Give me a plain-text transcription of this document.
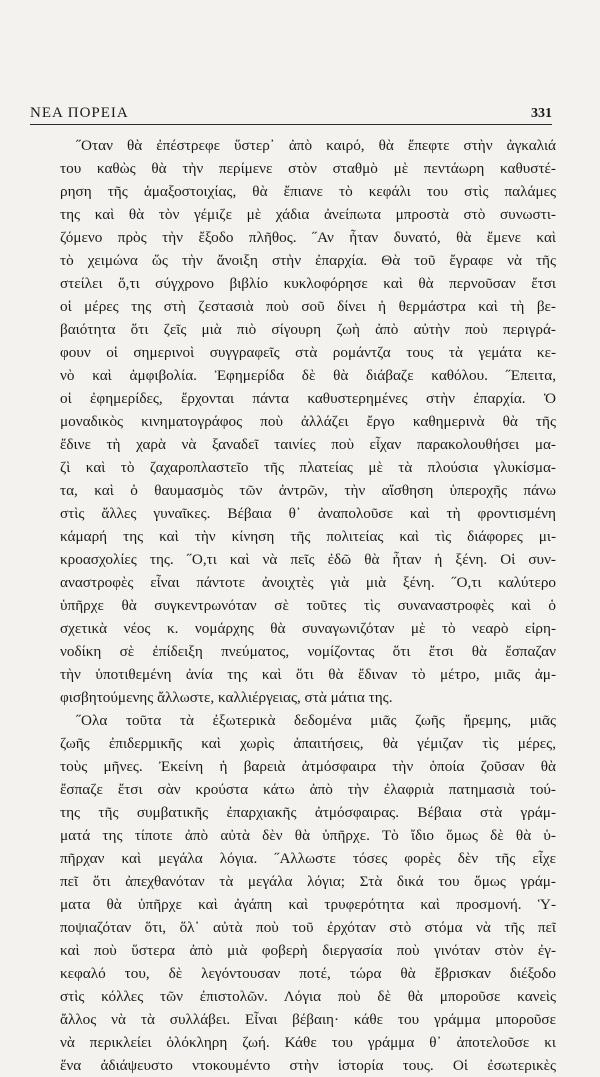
ΝΕΑ ΠΟΡΕΙΑ	331
˝Οταν θὰ ἐπέστρεφε ὕστερ᾽ ἀπὸ καιρό, θὰ ἔπεφτε στὴν ἀγκαλιά
του καθὼς θὰ τὴν περίμενε στὸν σταθμὸ μὲ πεντάωρη καθυστέ-
ρηση τῆς ἁμαξοστοιχίας, θὰ ἔπιανε τὸ κεφάλι του στὶς παλάμες
της καὶ θὰ τὸν γέμιζε μὲ χάδια ἀνείπωτα μπροστὰ στὸ συνωστι-
ζόμενο πρὸς τὴν ἔξοδο πλῆθος. ˝Αν ἦταν δυνατό, θὰ ἔμενε καὶ
τὸ χειμώνα ὥς τὴν ἄνοιξη στὴν ἐπαρχία. Θὰ τοῦ ἔγραφε νὰ τῆς
στείλει ὅ,τι σύγχρονο βιβλίο κυκλοφόρησε καὶ θὰ περνοῦσαν ἔτσι
οἱ μέρες της στὴ ζεστασιὰ ποὺ σοῦ δίνει ἡ θερμάστρα καὶ τὴ βε-
βαιότητα ὅτι ζεῖς μιὰ πιὸ σίγουρη ζωὴ ἀπὸ αὐτὴν ποὺ περιγρά-
φουν οἱ σημερινοὶ συγγραφεῖς στὰ ρομάντζα τους τὰ γεμάτα κε-
νὸ καὶ ἀμφιβολία. Ἐφημερίδα δὲ θὰ διάβαζε καθόλου. ˝Επειτα,
οἱ ἐφημερίδες, ἔρχονται πάντα καθυστερημένες στὴν ἐπαρχία. Ὁ
μοναδικὸς κινηματογράφος ποὺ ἀλλάζει ἔργο καθημερινὰ θὰ τῆς
ἔδινε τὴ χαρὰ νὰ ξαναδεῖ ταινίες ποὺ εἶχαν παρακολουθήσει μα-
ζὶ καὶ τὸ ζαχαροπλαστεῖο τῆς πλατείας μὲ τὰ πλούσια γλυκίσμα-
τα, καὶ ὁ θαυμασμὸς τῶν ἀντρῶν, τὴν αἴσθηση ὑπεροχῆς πάνω
στὶς ἄλλες γυναῖκες. Βέβαια θ᾽ ἀναπολοῦσε καὶ τὴ φροντισμένη
κάμαρή της καὶ τὴν κίνηση τῆς πολιτείας καὶ τὶς διάφορες μι-
κροασχολίες της. ˝Ο,τι καὶ νὰ πεῖς ἐδῶ θὰ ἦταν ἡ ξένη. Οἱ συν-
αναστροφὲς εἶναι πάντοτε ἀνοιχτὲς γιὰ μιὰ ξένη. ˝Ο,τι καλύτερο
ὑπῆρχε θὰ συγκεντρωνόταν σὲ τοῦτες τὶς συναναστροφὲς καὶ ὁ
σχετικὰ νέος κ. νομάρχης θὰ συναγωνιζόταν μὲ τὸ νεαρὸ εἰρη-
νοδίκη σὲ ἐπίδειξη πνεύματος, νομίζοντας ὅτι ἔτσι θὰ ἔσπαζαν
τὴν ὑποτιθεμένη ἀνία της καὶ ὅτι θὰ ἔδιναν τὸ μέτρο, μιᾶς ἀμ-
φισβητούμενης ἄλλωστε, καλλιέργειας, στὰ μάτια της.
˝Ολα τοῦτα τὰ ἐξωτερικὰ δεδομένα μιᾶς ζωῆς ἤρεμης, μιᾶς
ζωῆς ἐπιδερμικῆς καὶ χωρὶς ἀπαιτήσεις, θὰ γέμιζαν τὶς μέρες,
τοὺς μῆνες. Ἐκείνη ἡ βαρειὰ ἀτμόσφαιρα τὴν ὁποία ζοῦσαν θὰ
ἔσπαζε ἔτσι σὰν κρούστα κάτω ἀπὸ τὴν ἐλαφριὰ πατημασιὰ τού-
της τῆς συμβατικῆς ἐπαρχιακῆς ἀτμόσφαιρας. Βέβαια στὰ γράμ-
ματά της τίποτε ἀπὸ αὐτὰ δὲν θὰ ὑπῆρχε. Τὸ ἴδιο ὅμως δὲ θὰ ὑ-
πῆρχαν καὶ μεγάλα λόγια. ˝Αλλωστε τόσες φορὲς δὲν τῆς εἶχε
πεῖ ὅτι ἀπεχθανόταν τὰ μεγάλα λόγια; Στὰ δικά του ὅμως γράμ-
ματα θὰ ὑπῆρχε καὶ ἀγάπη καὶ τρυφερότητα καὶ προσμονή. Ὑ-
ποψιαζόταν ὅτι, ὅλ᾽ αὐτὰ ποὺ τοῦ ἐρχόταν στὸ στόμα νὰ τῆς πεῖ
καὶ ποὺ ὕστερα ἀπὸ μιὰ φοβερὴ διεργασία ποὺ γινόταν στὸν ἐγ-
κεφαλό του, δὲ λεγόντουσαν ποτέ, τώρα θὰ ἔβρισκαν διέξοδο
στὶς κόλλες τῶν ἐπιστολῶν. Λόγια ποὺ δὲ θὰ μποροῦσε κανεὶς
ἄλλος νὰ τὰ συλλάβει. Εἶναι βέβαιη· κάθε του γράμμα μποροῦσε
νὰ περικλείει ὁλόκληρη ζωή. Κάθε του γράμμα θ᾽ ἀποτελοῦσε κι
ἕνα ἀδιάψευστο ντοκουμέντο στὴν ἱστορία τους. Οἱ ἐσωτερικὲς
